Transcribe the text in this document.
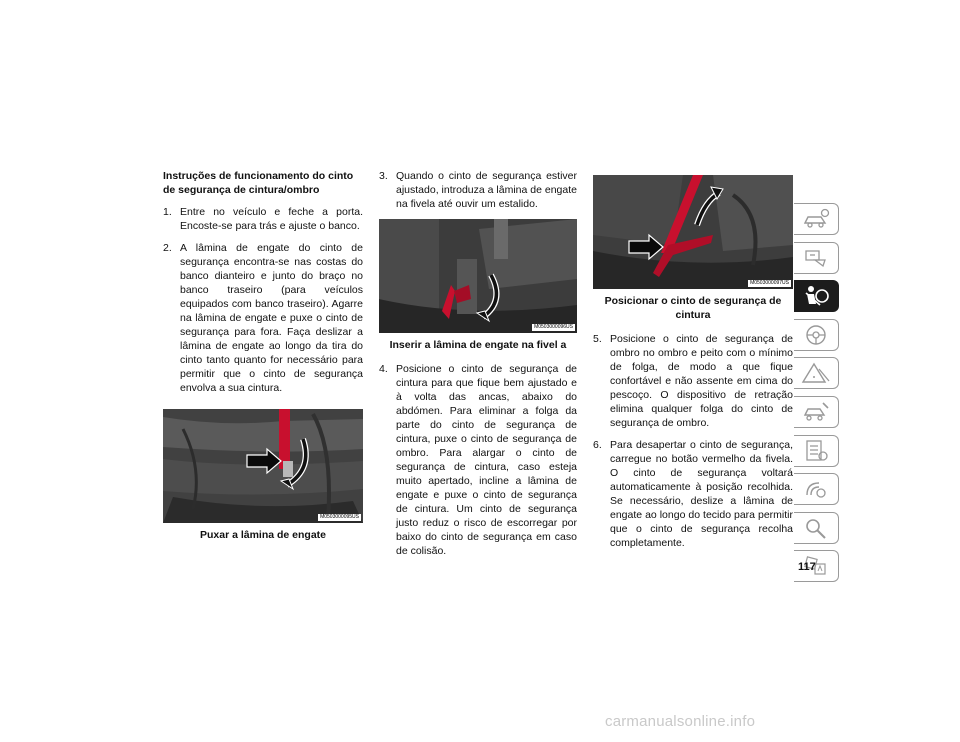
Instruções de funcionamento do cinto de segurança de cintura/ombro
1. Entre no veículo e feche a porta. Encoste-se para trás e ajuste o banco.
2. A lâmina de engate do cinto de segurança encontra-se nas costas do banco dianteiro e junto do braço no banco traseiro (para veículos equipados com banco traseiro). Agarre na lâmina de engate e puxe o cinto de segurança para fora. Faça deslizar a lâmina de engate ao longo da tira do cinto tanto quanto for necessário para permitir que o cinto de segurança envolva a sua cintura.
M0503000095US
Puxar a lâmina de engate
3. Quando o cinto de segurança estiver ajustado, introduza a lâmina de engate na fivela até ouvir um estalido.
M0503000096US
Inserir a lâmina de engate na fivel a
4. Posicione o cinto de segurança de cintura para que fique bem ajustado e à volta das ancas, abaixo do abdómen. Para eliminar a folga da parte do cinto de segurança de cintura, puxe o cinto de segurança de ombro. Para alargar o cinto de segurança de cintura, caso esteja muito apertado, incline a lâmina de engate e puxe o cinto de segurança de cintura. Um cinto de segurança justo reduz o risco de escorregar por baixo do cinto de segurança em caso de colisão.
M0503000097US
Posicionar o cinto de segurança de cintura
5. Posicione o cinto de segurança de ombro no ombro e peito com o mínimo de folga, de modo a que fique confortável e não assente em cima do pescoço. O dispositivo de retração elimina qualquer folga do cinto de segurança de ombro.
6. Para desapertar o cinto de segurança, carregue no botão vermelho da fivela. O cinto de segurança voltará automaticamente à posição recolhida. Se necessário, deslize a lâmina de engate ao longo do tecido para permitir que o cinto de segurança recolha completamente.
117
carmanualsonline.info
